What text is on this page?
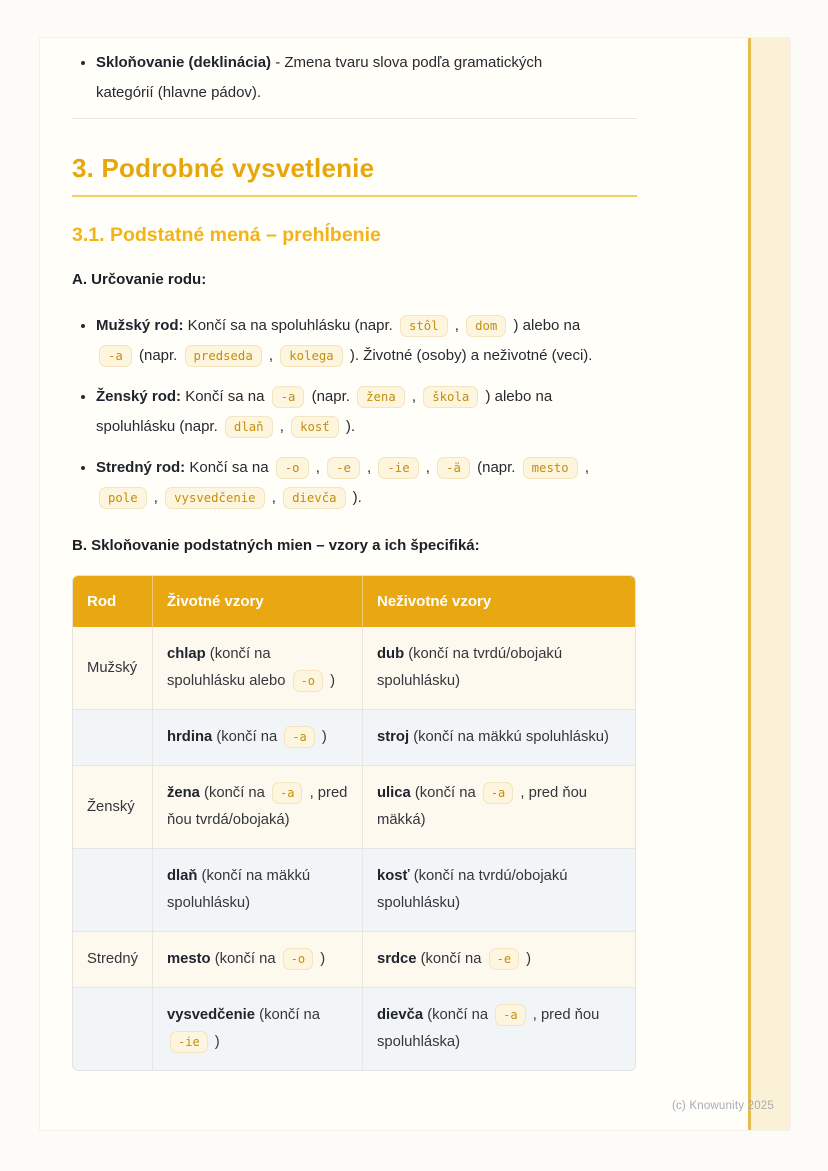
• Skloňovanie (deklinácia) - Zmena tvaru slova podľa gramatických kategórií (hlavne pádov).
3. Podrobné vysvetlenie
3.1. Podstatné mená – prehĺbenie

A. Určovanie rodu:

• Mužský rod: Končí sa na spoluhlásku (napr. stôl , dom ) alebo na -a (napr. predseda , kolega ). Životné (osoby) a neživotné (veci).
• Ženský rod: Končí sa na -a (napr. žena , škola ) alebo na spoluhlásku (napr. dlaň , kosť ).
• Stredný rod: Končí sa na -o , -e , -ie , -ä (napr. mesto , pole , vysvedčenie , dievča ).

B. Skloňovanie podstatných mien – vzory a ich špecifiká:

Rod	Životné vzory	Neživotné vzory
Mužský	chlap (končí na spoluhlásku alebo -o )	dub (končí na tvrdú/obojakú spoluhlásku)
	hrdina (končí na -a )	stroj (končí na mäkkú spoluhlásku)
Ženský	žena (končí na -a , pred ňou tvrdá/obojaká)	ulica (končí na -a , pred ňou mäkká)
	dlaň (končí na mäkkú spoluhlásku)	kosť (končí na tvrdú/obojakú spoluhlásku)
Stredný	mesto (končí na -o )	srdce (končí na -e )
	vysvedčenie (končí na -ie )	dievča (končí na -a , pred ňou spoluhláska)
(c) Knowunity 2025
